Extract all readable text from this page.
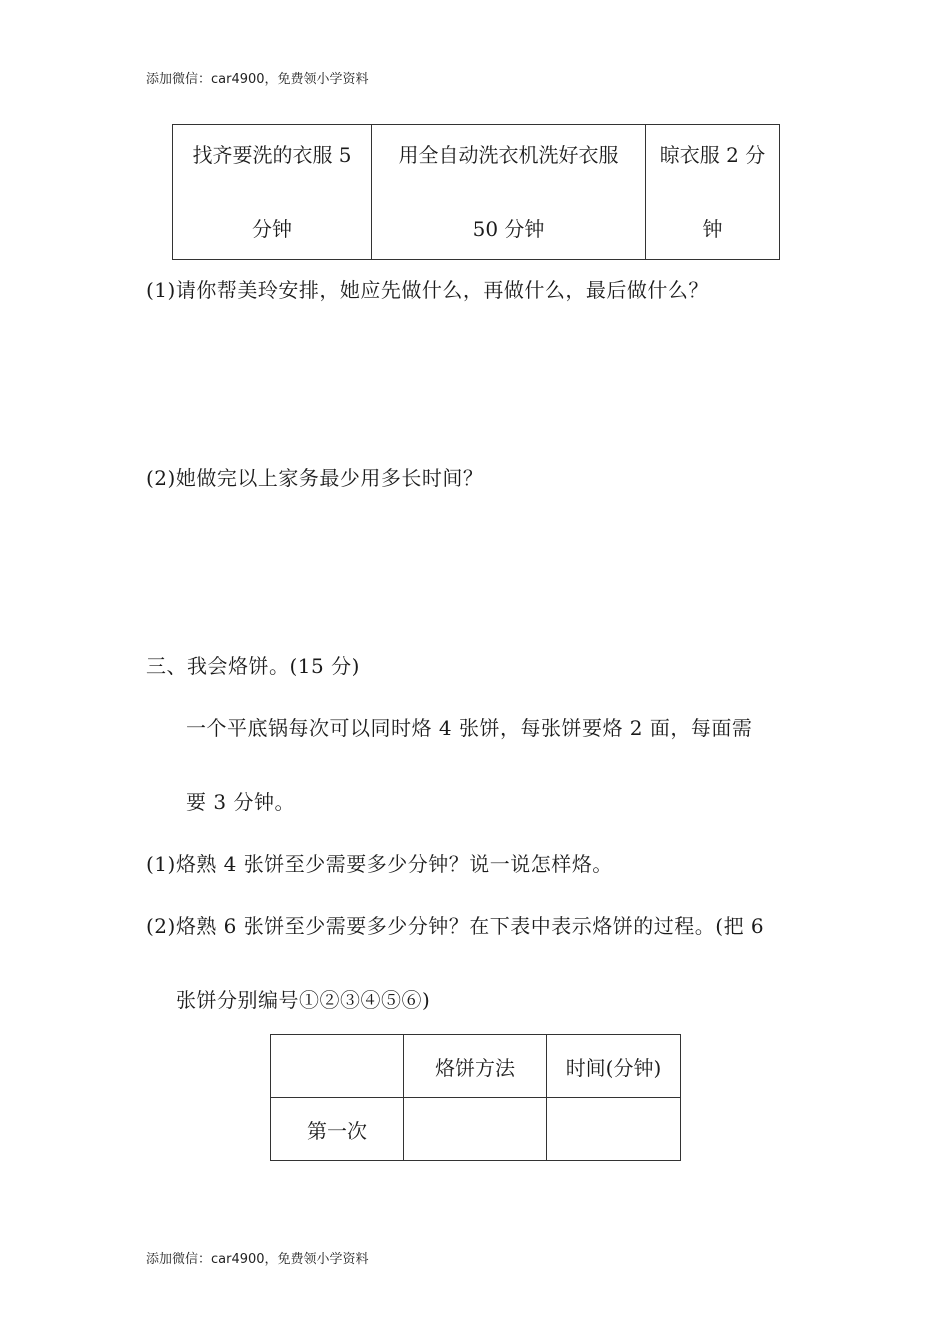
添加微信：car4900，免费领小学资料
找齐要洗的衣服 5
分钟

用全自动洗衣机洗好衣服
50 分钟

晾衣服 2 分
钟
(1)请你帮美玲安排，她应先做什么，再做什么，最后做什么？
(2)她做完以上家务最少用多长时间？
三、我会烙饼。(15 分)
一个平底锅每次可以同时烙 4 张饼，每张饼要烙 2 面，每面需
要 3 分钟。
(1)烙熟 4 张饼至少需要多少分钟？说一说怎样烙。
(2)烙熟 6 张饼至少需要多少分钟？在下表中表示烙饼的过程。(把 6
张饼分别编号①②③④⑤⑥)
	烙饼方法	时间(分钟)
第一次		
添加微信：car4900，免费领小学资料
